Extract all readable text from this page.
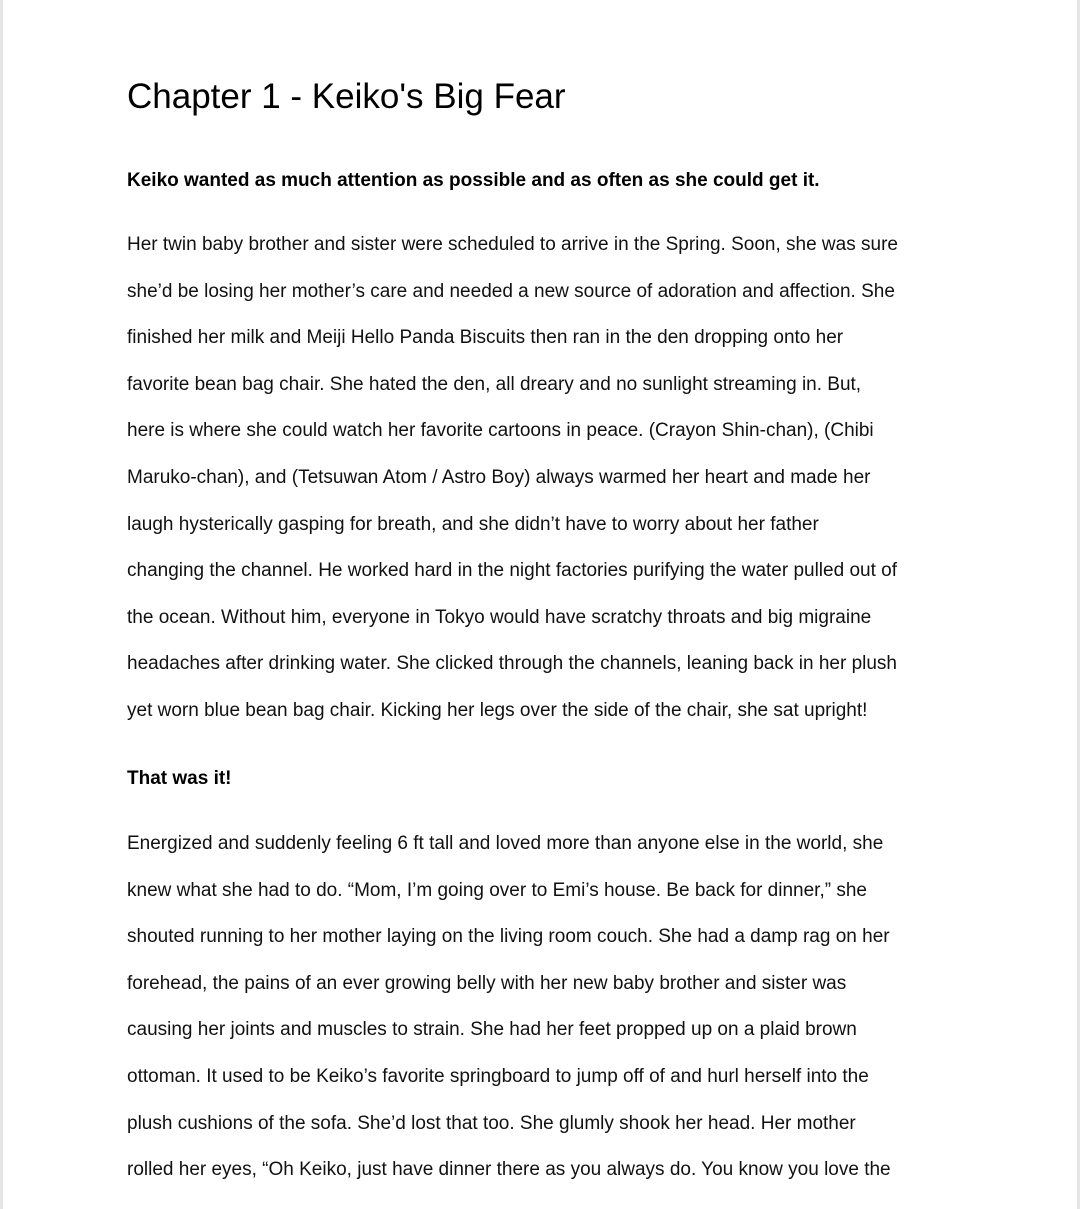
Chapter 1 - Keiko's Big Fear

Keiko wanted as much attention as possible and as often as she could get it.

Her twin baby brother and sister were scheduled to arrive in the Spring. Soon, she was sure
she’d be losing her mother’s care and needed a new source of adoration and affection. She
finished her milk and Meiji Hello Panda Biscuits then ran in the den dropping onto her
favorite bean bag chair. She hated the den, all dreary and no sunlight streaming in. But,
here is where she could watch her favorite cartoons in peace. (Crayon Shin-chan), (Chibi
Maruko-chan), and (Tetsuwan Atom / Astro Boy) always warmed her heart and made her
laugh hysterically gasping for breath, and she didn’t have to worry about her father
changing the channel. He worked hard in the night factories purifying the water pulled out of
the ocean. Without him, everyone in Tokyo would have scratchy throats and big migraine
headaches after drinking water. She clicked through the channels, leaning back in her plush
yet worn blue bean bag chair. Kicking her legs over the side of the chair, she sat upright!

That was it!

Energized and suddenly feeling 6 ft tall and loved more than anyone else in the world, she
knew what she had to do. “Mom, I’m going over to Emi’s house. Be back for dinner,” she
shouted running to her mother laying on the living room couch. She had a damp rag on her
forehead, the pains of an ever growing belly with her new baby brother and sister was
causing her joints and muscles to strain. She had her feet propped up on a plaid brown
ottoman. It used to be Keiko’s favorite springboard to jump off of and hurl herself into the
plush cushions of the sofa. She’d lost that too. She glumly shook her head. Her mother
rolled her eyes, “Oh Keiko, just have dinner there as you always do. You know you love the
